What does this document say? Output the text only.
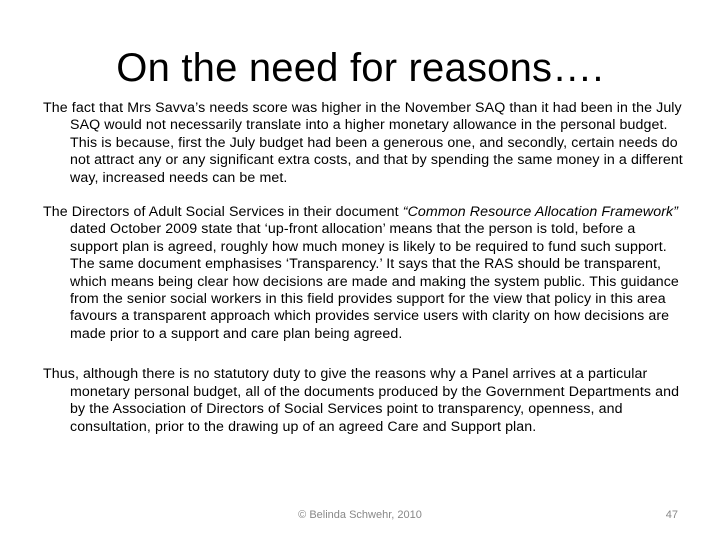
On the need for reasons….

The fact that Mrs Savva’s needs score was higher in the November SAQ than it had been in the July SAQ would not necessarily translate into a higher monetary allowance in the personal budget. This is because, first the July budget had been a generous one, and secondly, certain needs do not attract any or any significant extra costs, and that by spending the same money in a different way, increased needs can be met.

The Directors of Adult Social Services in their document “Common Resource Allocation Framework” dated October 2009 state that ‘up-front allocation’ means that the person is told, before a support plan is agreed, roughly how much money is likely to be required to fund such support. The same document emphasises ‘Transparency.’ It says that the RAS should be transparent, which means being clear how decisions are made and making the system public. This guidance from the senior social workers in this field provides support for the view that policy in this area favours a transparent approach which provides service users with clarity on how decisions are made prior to a support and care plan being agreed.

Thus, although there is no statutory duty to give the reasons why a Panel arrives at a particular monetary personal budget, all of the documents produced by the Government Departments and by the Association of Directors of Social Services point to transparency, openness, and consultation, prior to the drawing up of an agreed Care and Support plan.

© Belinda Schwehr, 2010	47
